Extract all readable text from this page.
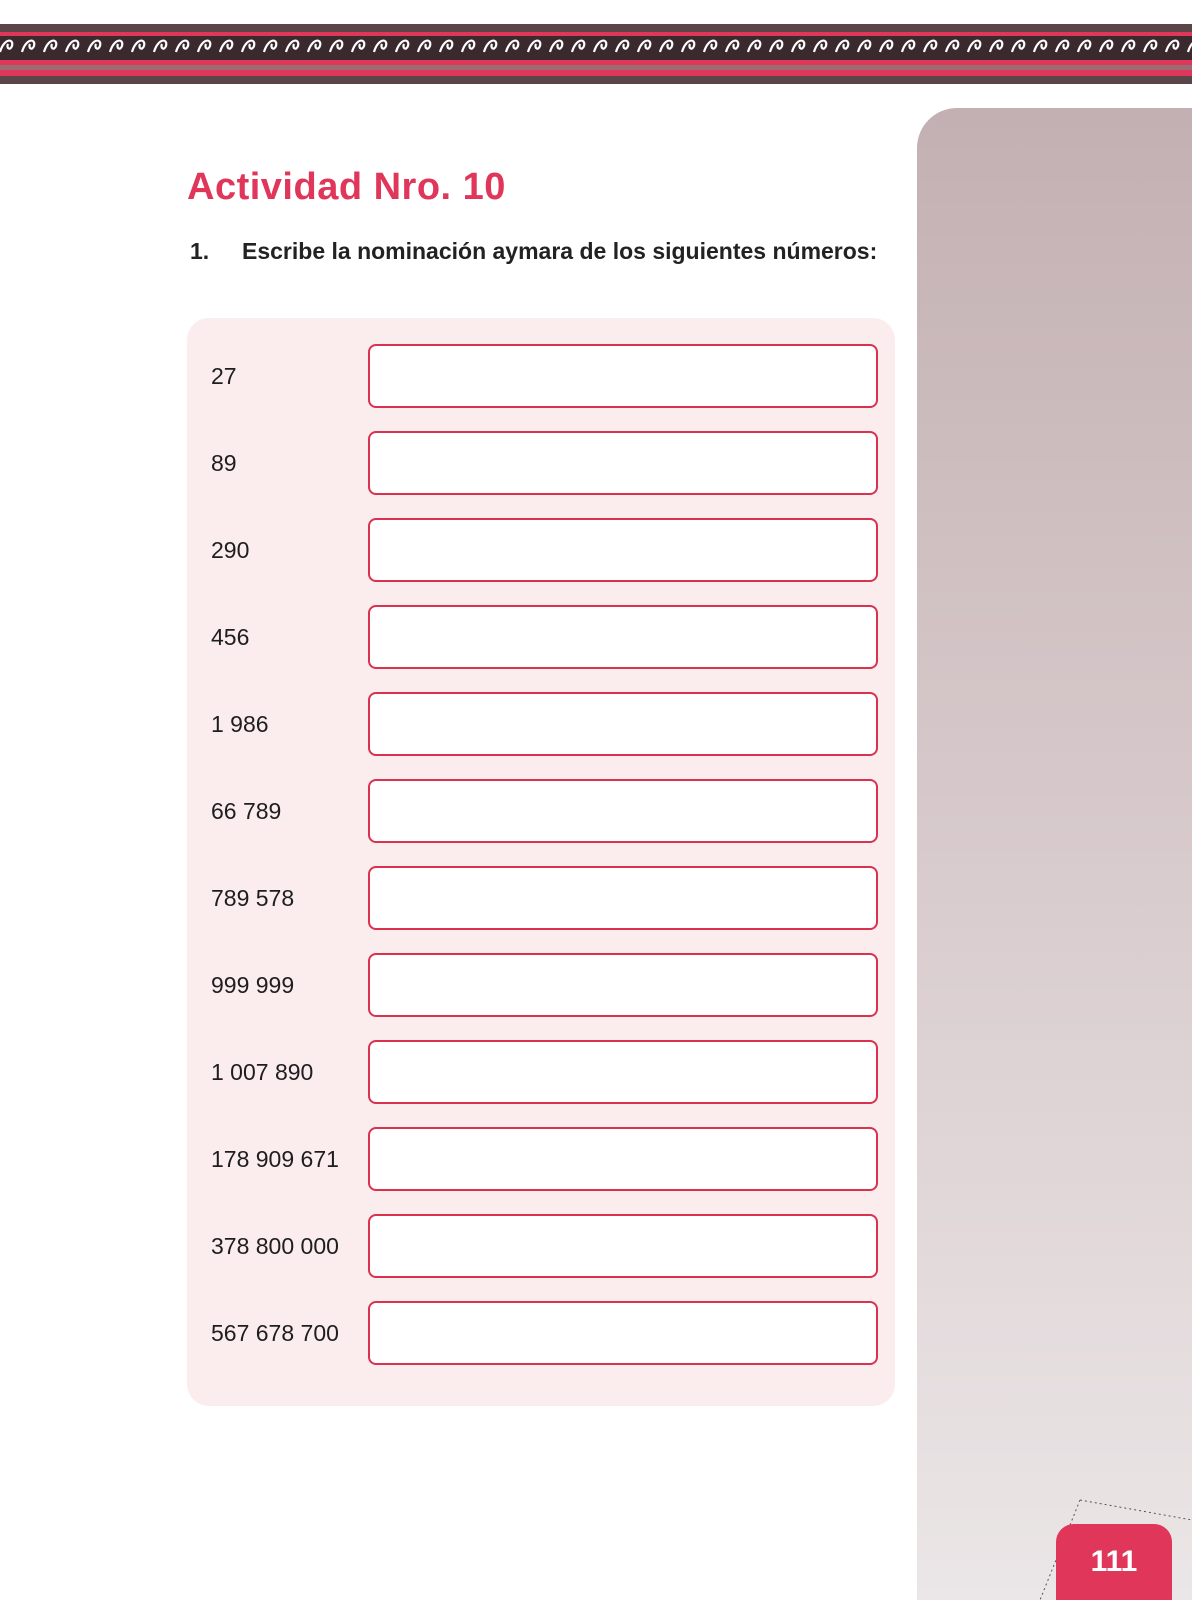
111
Actividad Nro. 10
1. Escribe la nominación aymara de los siguientes números:
27
89
290
456
1 986
66 789
789 578
999 999
1 007 890
178 909 671
378 800 000
567 678 700
